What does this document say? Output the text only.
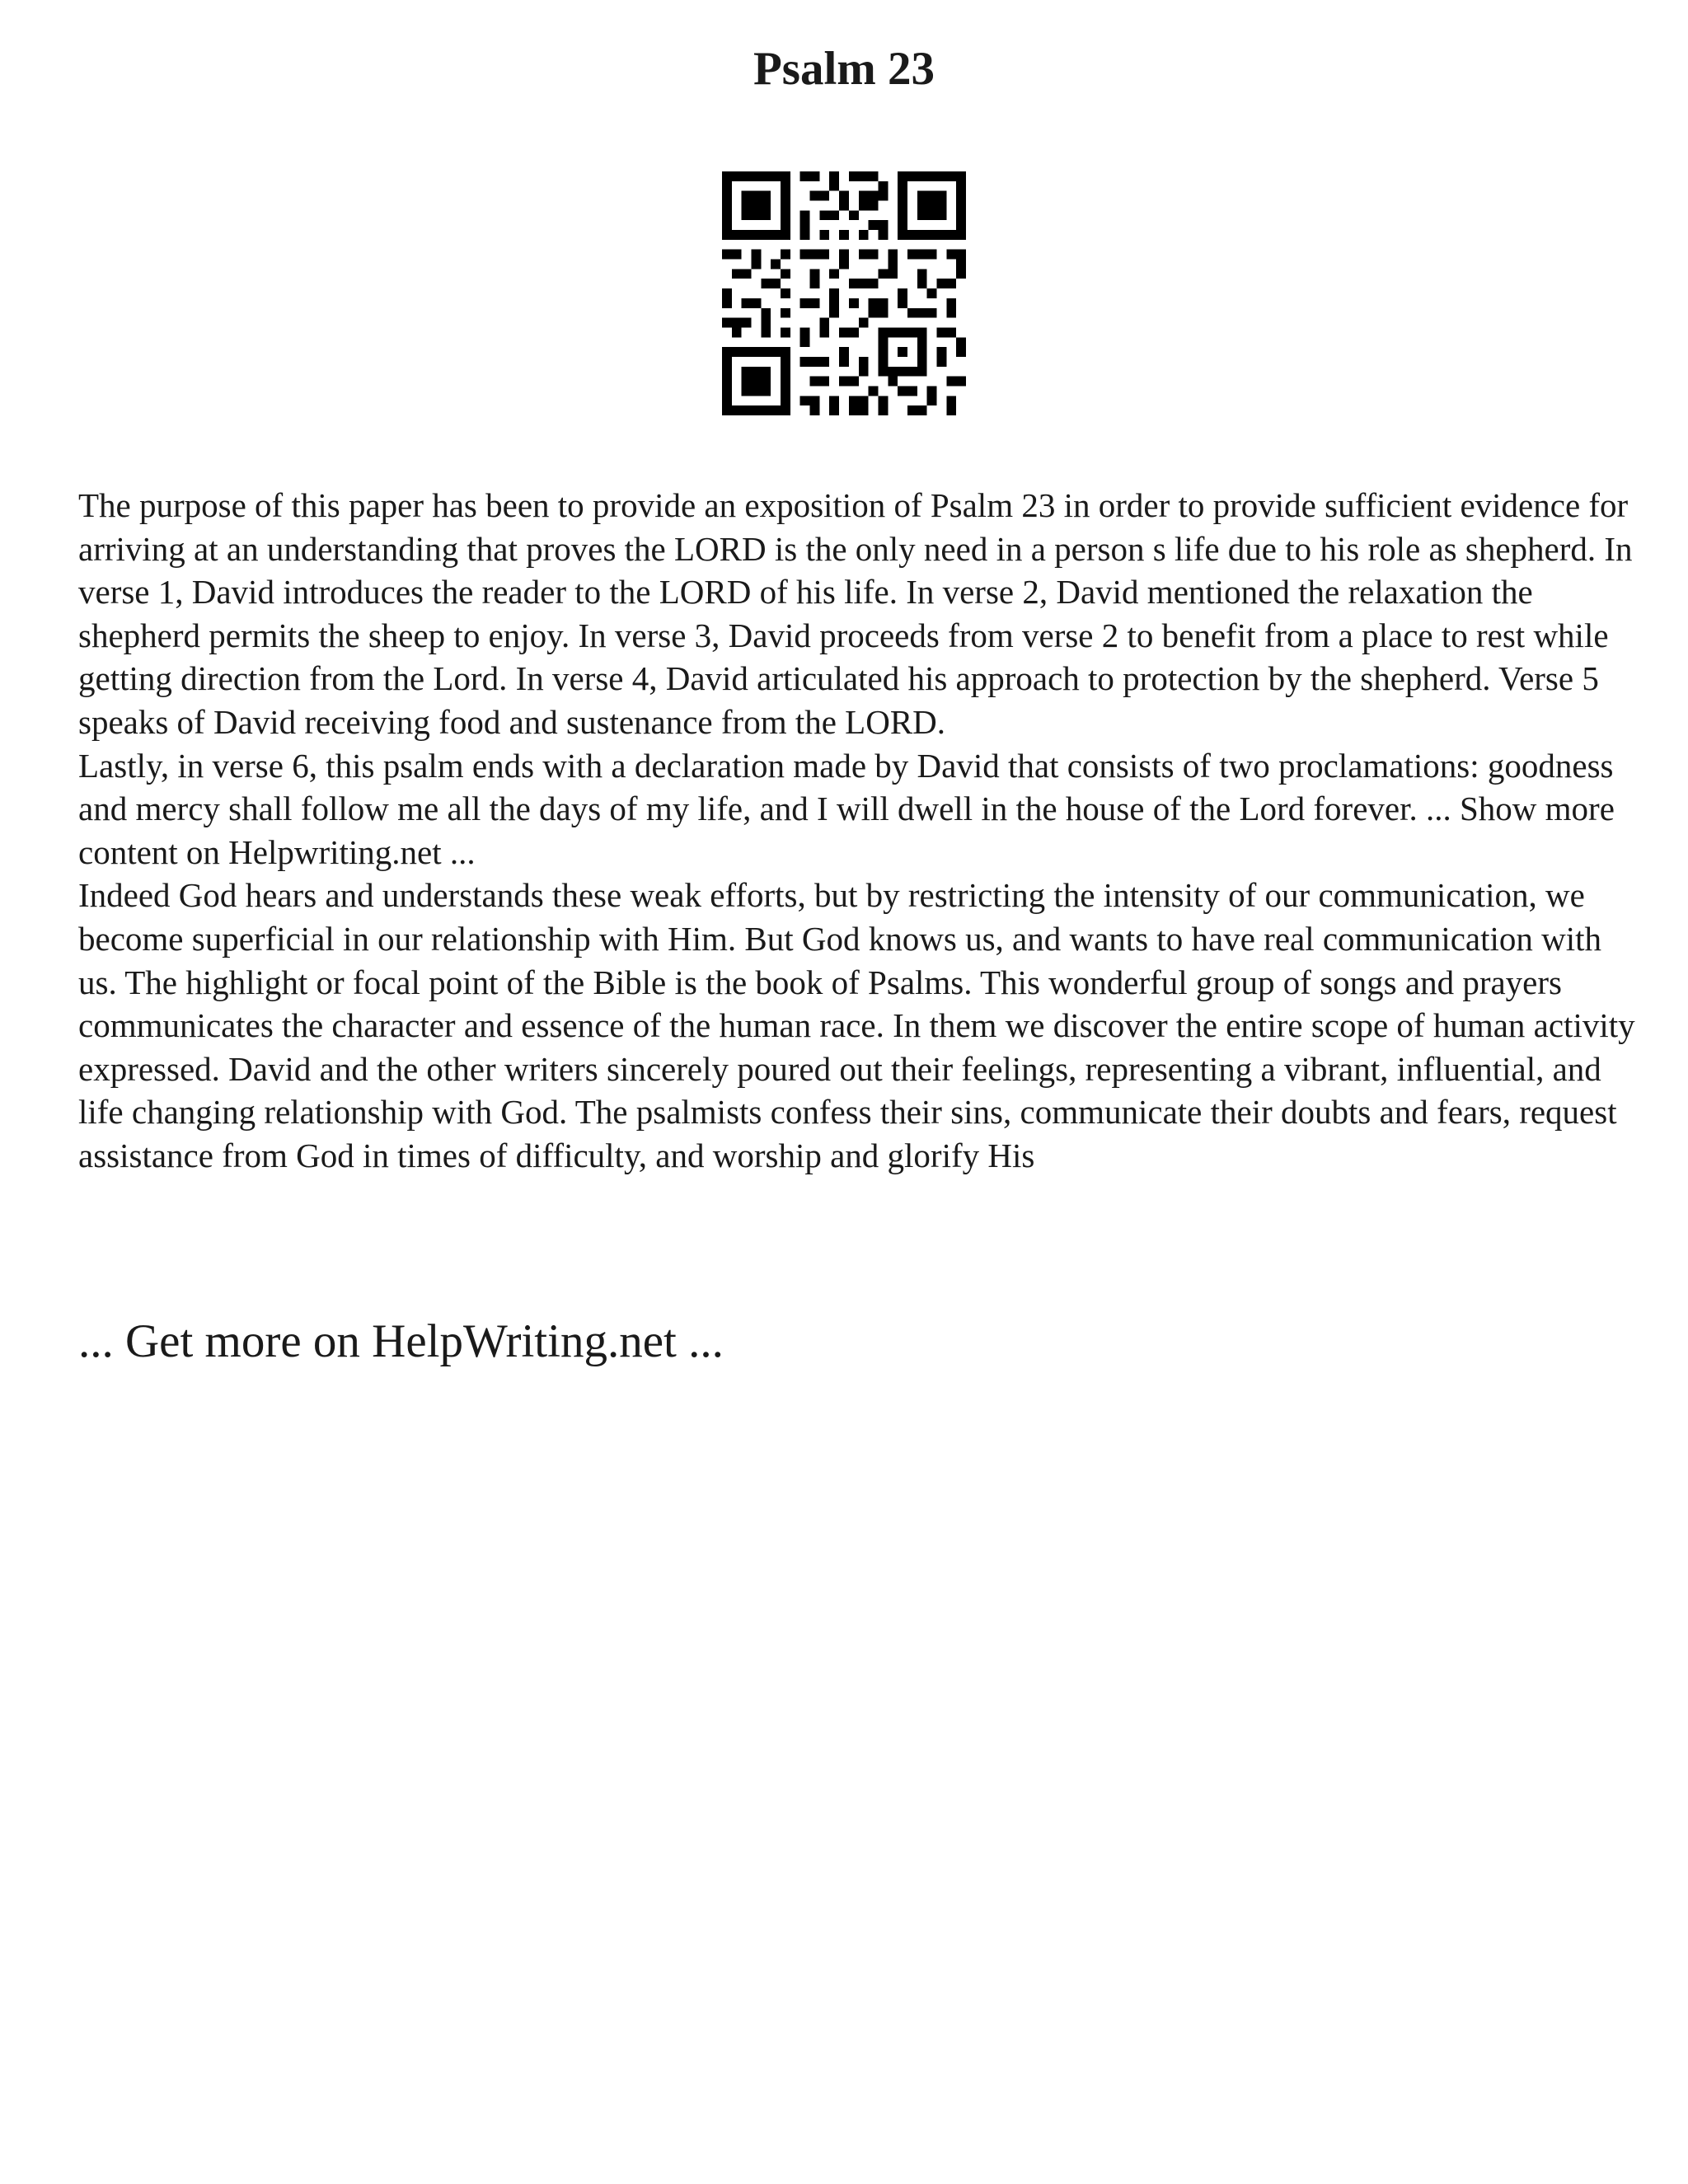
Psalm 23

The purpose of this paper has been to provide an exposition of Psalm 23 in order to provide sufficient evidence for arriving at an understanding that proves the LORD is the only need in a person s life due to his role as shepherd. In verse 1, David introduces the reader to the LORD of his life. In verse 2, David mentioned the relaxation the shepherd permits the sheep to enjoy. In verse 3, David proceeds from verse 2 to benefit from a place to rest while getting direction from the Lord. In verse 4, David articulated his approach to protection by the shepherd. Verse 5 speaks of David receiving food and sustenance from the LORD.

Lastly, in verse 6, this psalm ends with a declaration made by David that consists of two proclamations: goodness and mercy shall follow me all the days of my life, and I will dwell in the house of the Lord forever. ... Show more content on Helpwriting.net ...

Indeed God hears and understands these weak efforts, but by restricting the intensity of our communication, we become superficial in our relationship with Him. But God knows us, and wants to have real communication with us. The highlight or focal point of the Bible is the book of Psalms. This wonderful group of songs and prayers communicates the character and essence of the human race. In them we discover the entire scope of human activity expressed. David and the other writers sincerely poured out their feelings, representing a vibrant, influential, and life changing relationship with God. The psalmists confess their sins, communicate their doubts and fears, request assistance from God in times of difficulty, and worship and glorify His

... Get more on HelpWriting.net ...
